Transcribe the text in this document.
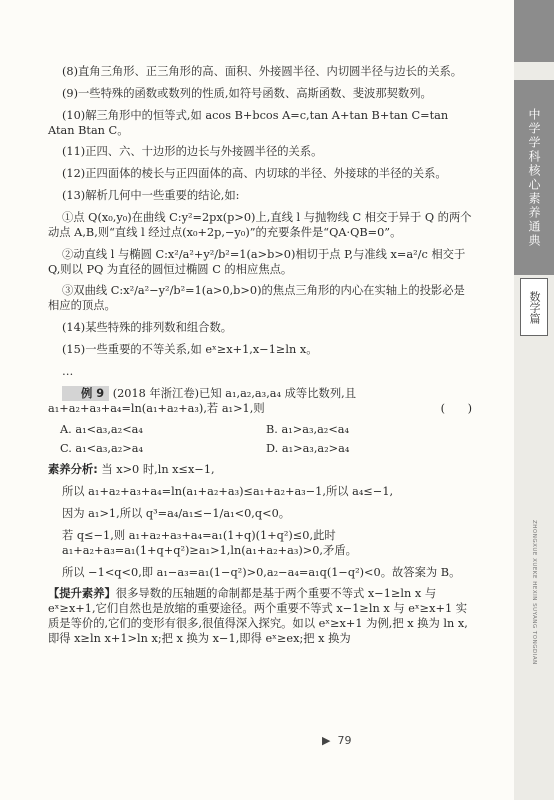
中学学科核心素养通典
数学篇
ZHONGXUE XUEKE HEXIN SUYANG TONGDIAN

(8)直角三角形、正三角形的高、面积、外接圆半径、内切圆半径与边长的关系。

(9)一些特殊的函数或数列的性质,如符号函数、高斯函数、斐波那契数列。

(10)解三角形中的恒等式,如 acos B+bcos A=c,tan A+tan B+tan C=tan Atan Btan C。

(11)正四、六、十边形的边长与外接圆半径的关系。

(12)正四面体的棱长与正四面体的高、内切球的半径、外接球的半径的关系。

(13)解析几何中一些重要的结论,如:

①点 Q(x₀,y₀)在曲线 C:y²=2px(p>0)上,直线 l 与抛物线 C 相交于异于 Q 的两个动点 A,B,则“直线 l 经过点(x₀+2p,−y₀)”的充要条件是“QA·QB=0”。

②动直线 l 与椭圆 C:x²/a²+y²/b²=1(a>b>0)相切于点 P,与准线 x=a²/c 相交于 Q,则以 PQ 为直径的圆恒过椭圆 C 的相应焦点。

③双曲线 C:x²/a²−y²/b²=1(a>0,b>0)的焦点三角形的内心在实轴上的投影必是相应的顶点。

(14)某些特殊的排列数和组合数。

(15)一些重要的不等关系,如 eˣ≥x+1,x−1≥ln x。

…

例 9 (2018 年浙江卷)已知 a₁,a₂,a₃,a₄ 成等比数列,且 a₁+a₂+a₃+a₄=ln(a₁+a₂+a₃),若 a₁>1,则	(　　)

A. a₁<a₃,a₂<a₄	B. a₁>a₃,a₂<a₄
C. a₁<a₃,a₂>a₄	D. a₁>a₃,a₂>a₄

素养分析: 当 x>0 时,ln x≤x−1,

所以 a₁+a₂+a₃+a₄=ln(a₁+a₂+a₃)≤a₁+a₂+a₃−1,所以 a₄≤−1,

因为 a₁>1,所以 q³=a₄/a₁≤−1/a₁<0,q<0。

若 q≤−1,则 a₁+a₂+a₃+a₄=a₁(1+q)(1+q²)≤0,此时 a₁+a₂+a₃=a₁(1+q+q²)≥a₁>1,ln(a₁+a₂+a₃)>0,矛盾。

所以 −1<q<0,即 a₁−a₃=a₁(1−q²)>0,a₂−a₄=a₁q(1−q²)<0。故答案为 B。

【提升素养】很多导数的压轴题的命制都是基于两个重要不等式 x−1≥ln x 与 eˣ≥x+1,它们自然也是放缩的重要途径。两个重要不等式 x−1≥ln x 与 eˣ≥x+1 实质是等价的,它们的变形有很多,很值得深入探究。如以 eˣ≥x+1 为例,把 x 换为 ln x,即得 x≥ln x+1>ln x;把 x 换为 x−1,即得 eˣ≥ex;把 x 换为

▶ 79
